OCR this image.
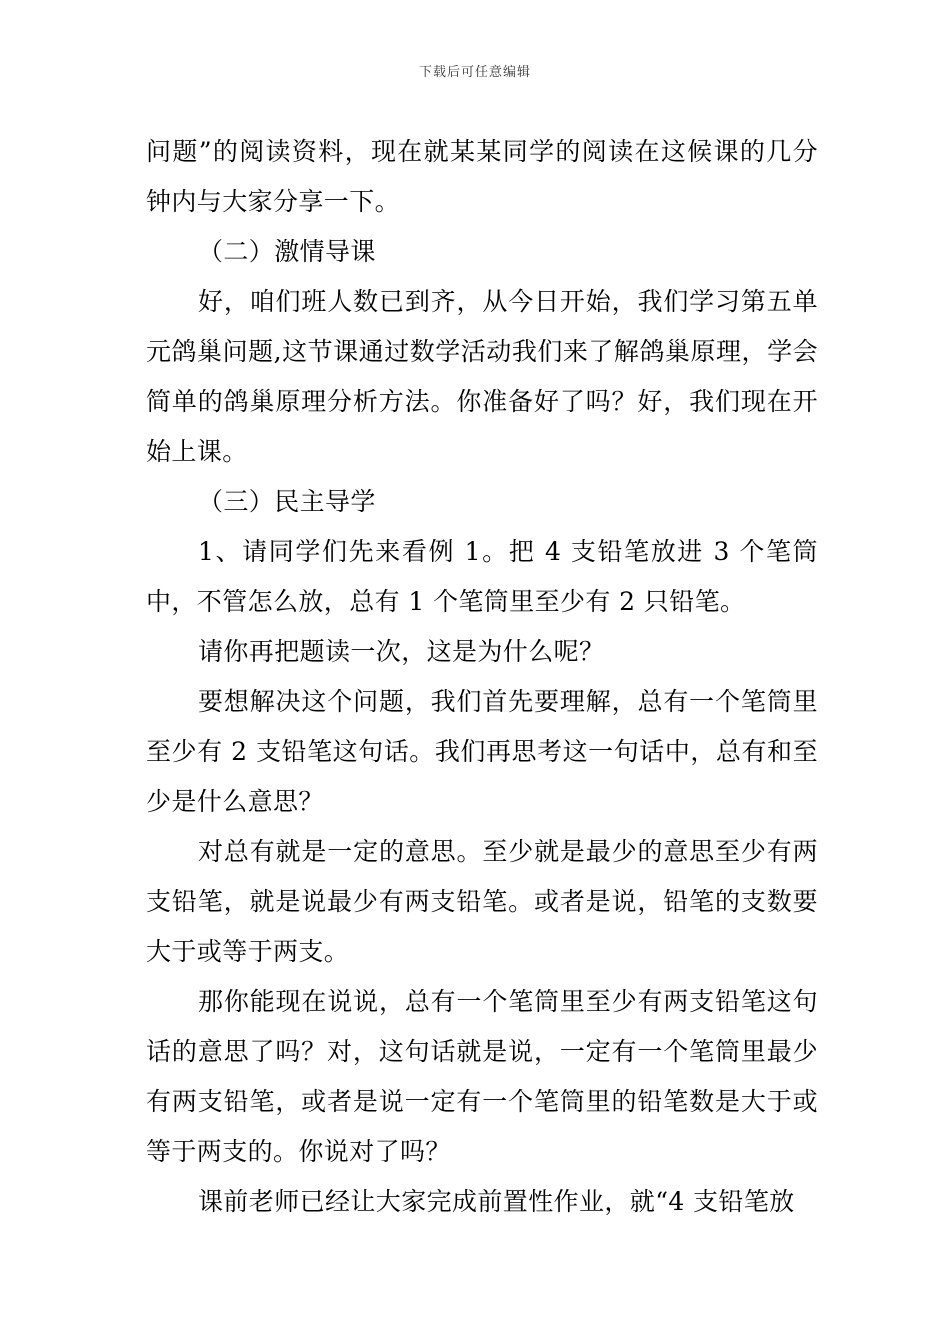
下载后可任意编辑

问题”的阅读资料，现在就某某同学的阅读在这候课的几分钟内与大家分享一下。

（二）激情导课

好，咱们班人数已到齐，从今日开始，我们学习第五单元鸽巢问题,这节课通过数学活动我们来了解鸽巢原理，学会简单的鸽巢原理分析方法。你准备好了吗？好，我们现在开始上课。

（三）民主导学

1、请同学们先来看例 1。把 4 支铅笔放进 3 个笔筒中，不管怎么放，总有 1 个笔筒里至少有 2 只铅笔。

请你再把题读一次，这是为什么呢？

要想解决这个问题，我们首先要理解，总有一个笔筒里至少有 2 支铅笔这句话。我们再思考这一句话中，总有和至少是什么意思？

对总有就是一定的意思。至少就是最少的意思至少有两支铅笔，就是说最少有两支铅笔。或者是说，铅笔的支数要大于或等于两支。

那你能现在说说，总有一个笔筒里至少有两支铅笔这句话的意思了吗？对，这句话就是说，一定有一个笔筒里最少有两支铅笔，或者是说一定有一个笔筒里的铅笔数是大于或等于两支的。你说对了吗？

课前老师已经让大家完成前置性作业，就“4 支铅笔放
